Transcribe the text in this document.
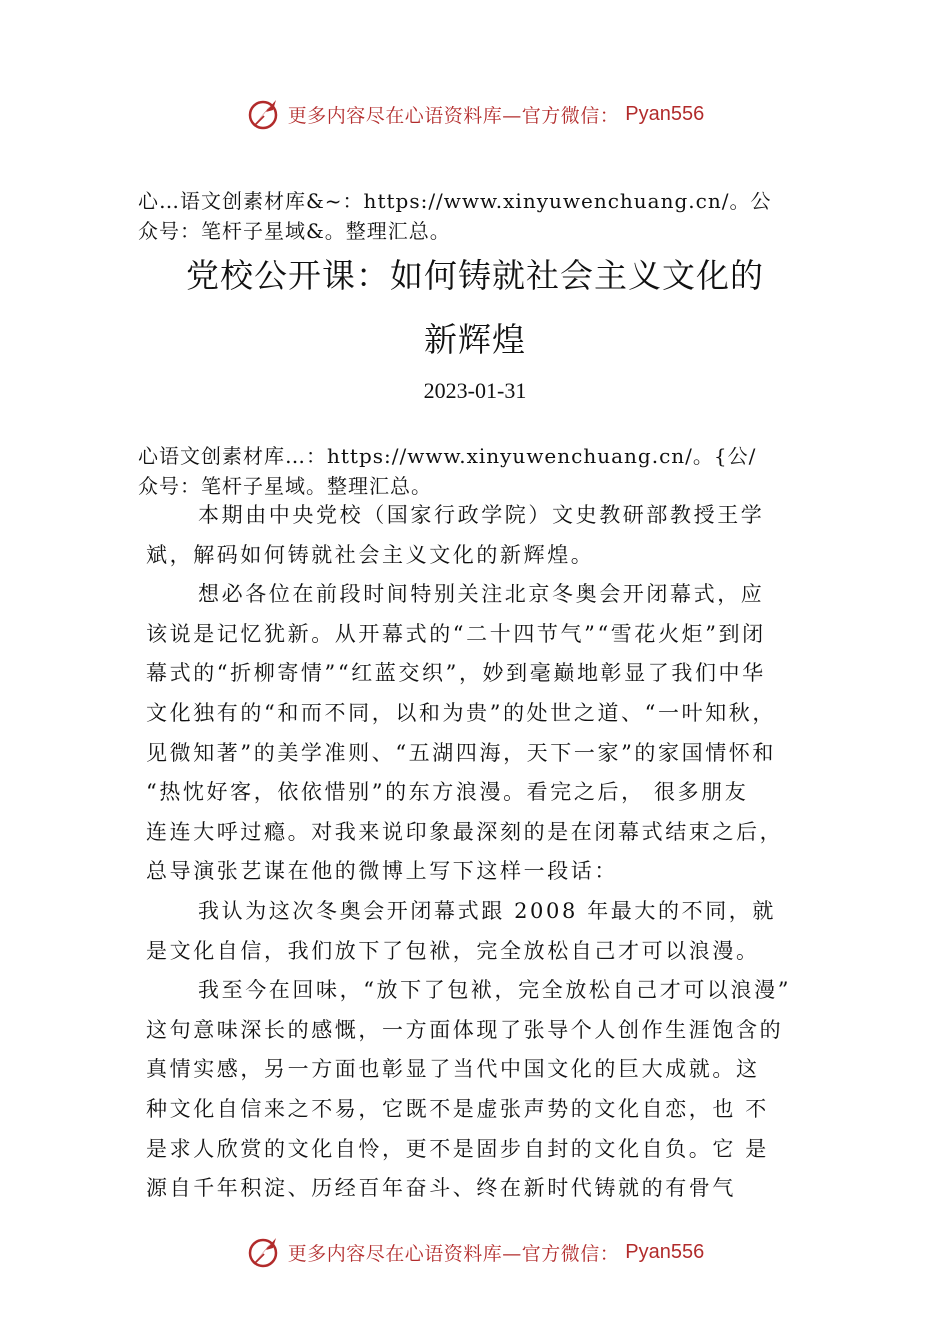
更多内容尽在心语资料库—官方微信： Pyan556
心…语文创素材库&~：https://www.xinyuwenchuang.cn/。公
众号：笔杆子星域&。整理汇总。
党校公开课：如何铸就社会主义文化的
新辉煌
2023-01-31
心语文创素材库…：https://www.xinyuwenchuang.cn/。{公/
众号：笔杆子星域。整理汇总。
本期由中央党校（国家行政学院）文史教研部教授王学
斌，解码如何铸就社会主义文化的新辉煌。
想必各位在前段时间特别关注北京冬奥会开闭幕式，应
该说是记忆犹新。从开幕式的“二十四节气”“雪花火炬”到闭
幕式的“折柳寄情”“红蓝交织”，妙到毫巅地彰显了我们中华
文化独有的“和而不同，以和为贵”的处世之道、“一叶知秋，
见微知著”的美学准则、“五湖四海，天下一家”的家国情怀和
“热忱好客，依依惜别”的东方浪漫。看完之后， 很多朋友
连连大呼过瘾。对我来说印象最深刻的是在闭幕式结束之后，
总导演张艺谋在他的微博上写下这样一段话：
我认为这次冬奥会开闭幕式跟 2008 年最大的不同，就
是文化自信，我们放下了包袱，完全放松自己才可以浪漫。
我至今在回味，“放下了包袱，完全放松自己才可以浪漫”
这句意味深长的感慨，一方面体现了张导个人创作生涯饱含的
真情实感，另一方面也彰显了当代中国文化的巨大成就。这
种文化自信来之不易，它既不是虚张声势的文化自恋，也 不
是求人欣赏的文化自怜，更不是固步自封的文化自负。它 是
源自千年积淀、历经百年奋斗、终在新时代铸就的有骨气
更多内容尽在心语资料库—官方微信： Pyan556
